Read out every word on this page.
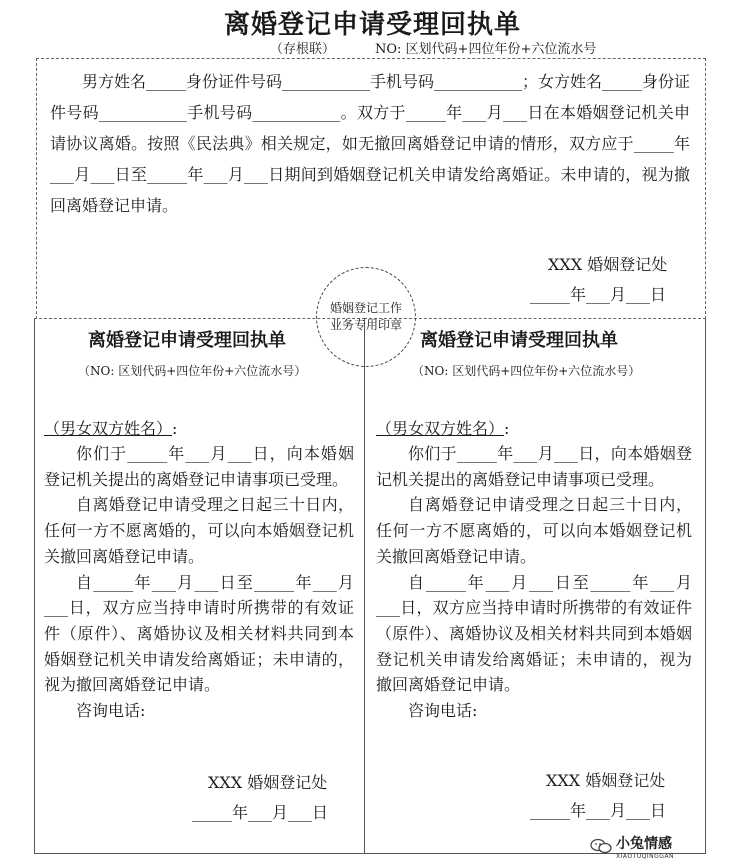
离婚登记申请受理回执单
（存根联）	NO: 区划代码+四位年份+六位流水号

男方姓名_____身份证件号码___________手机号码___________；女方姓名_____身份证件号码___________手机号码___________。双方于_____年___月___日在本婚姻登记机关申请协议离婚。按照《民法典》相关规定，如无撤回离婚登记申请的情形，双方应于_____年___月___日至_____年___月___日期间到婚姻登记机关申请发给离婚证。未申请的，视为撤回离婚登记申请。

XXX 婚姻登记处
_____年___月___日
婚姻登记工作业务专用印章
离婚登记申请受理回执单
（NO: 区划代码+四位年份+六位流水号）
（男女双方姓名）:

你们于_____年___月___日，向本婚姻登记机关提出的离婚登记申请事项已受理。

自离婚登记申请受理之日起三十日内，任何一方不愿离婚的，可以向本婚姻登记机关撤回离婚登记申请。

自_____年___月___日至_____年___月___日，双方应当持申请时所携带的有效证件（原件）、离婚协议及相关材料共同到本婚姻登记机关申请发给离婚证；未申请的，视为撤回离婚登记申请。

咨询电话:

XXX 婚姻登记处
_____年___月___日
离婚登记申请受理回执单
（NO: 区划代码+四位年份+六位流水号）
（男女双方姓名）:

你们于_____年___月___日，向本婚姻登记机关提出的离婚登记申请事项已受理。

自离婚登记申请受理之日起三十日内，任何一方不愿离婚的，可以向本婚姻登记机关撤回离婚登记申请。

自_____年___月___日至_____年___月___日，双方应当持申请时所携带的有效证件（原件）、离婚协议及相关材料共同到本婚姻登记机关申请发给离婚证；未申请的，视为撤回离婚登记申请。

咨询电话:

XXX 婚姻登记处
_____年___月___日
小兔情感
XIAOTUQINGGAN
